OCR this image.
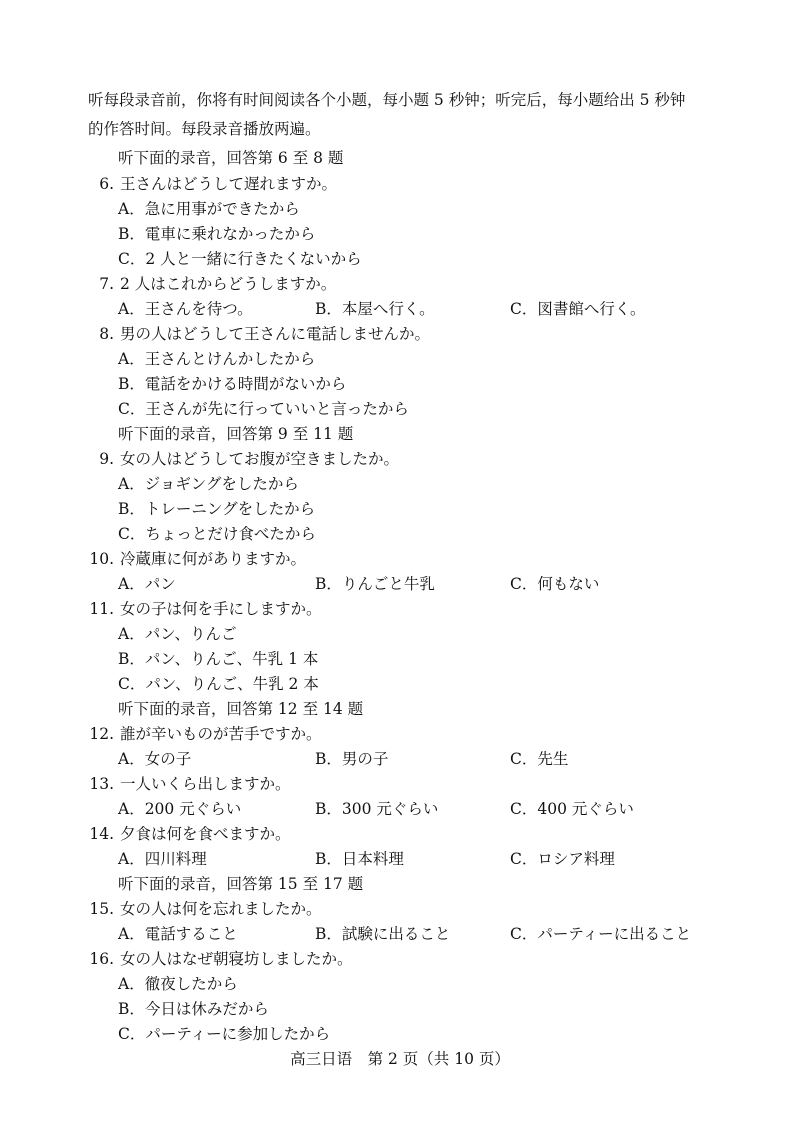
听每段录音前，你将有时间阅读各个小题，每小题 5 秒钟；听完后，每小题给出 5 秒钟
的作答时间。每段录音播放两遍。
听下面的录音，回答第 6 至 8 题
6. 王さんはどうして遅れますか。
A．急に用事ができたから
B．電車に乗れなかったから
C．2 人と一緒に行きたくないから
7. 2 人はこれからどうしますか。
A．王さんを待つ。	B．本屋へ行く。	C．図書館へ行く。
8. 男の人はどうして王さんに電話しませんか。
A．王さんとけんかしたから
B．電話をかける時間がないから
C．王さんが先に行っていいと言ったから
听下面的录音，回答第 9 至 11 题
9. 女の人はどうしてお腹が空きましたか。
A．ジョギングをしたから
B．トレーニングをしたから
C．ちょっとだけ食べたから
10. 冷蔵庫に何がありますか。
A．パン	B．りんごと牛乳	C．何もない
11. 女の子は何を手にしますか。
A．パン、りんご
B．パン、りんご、牛乳 1 本
C．パン、りんご、牛乳 2 本
听下面的录音，回答第 12 至 14 题
12. 誰が辛いものが苦手ですか。
A．女の子	B．男の子	C．先生
13. 一人いくら出しますか。
A．200 元ぐらい	B．300 元ぐらい	C．400 元ぐらい
14. 夕食は何を食べますか。
A．四川料理	B．日本料理	C．ロシア料理
听下面的录音，回答第 15 至 17 题
15. 女の人は何を忘れましたか。
A．電話すること	B．試験に出ること	C．パーティーに出ること
16. 女の人はなぜ朝寝坊しましたか。
A．徹夜したから
B．今日は休みだから
C．パーティーに参加したから
高三日语　第 2 页（共 10 页）
